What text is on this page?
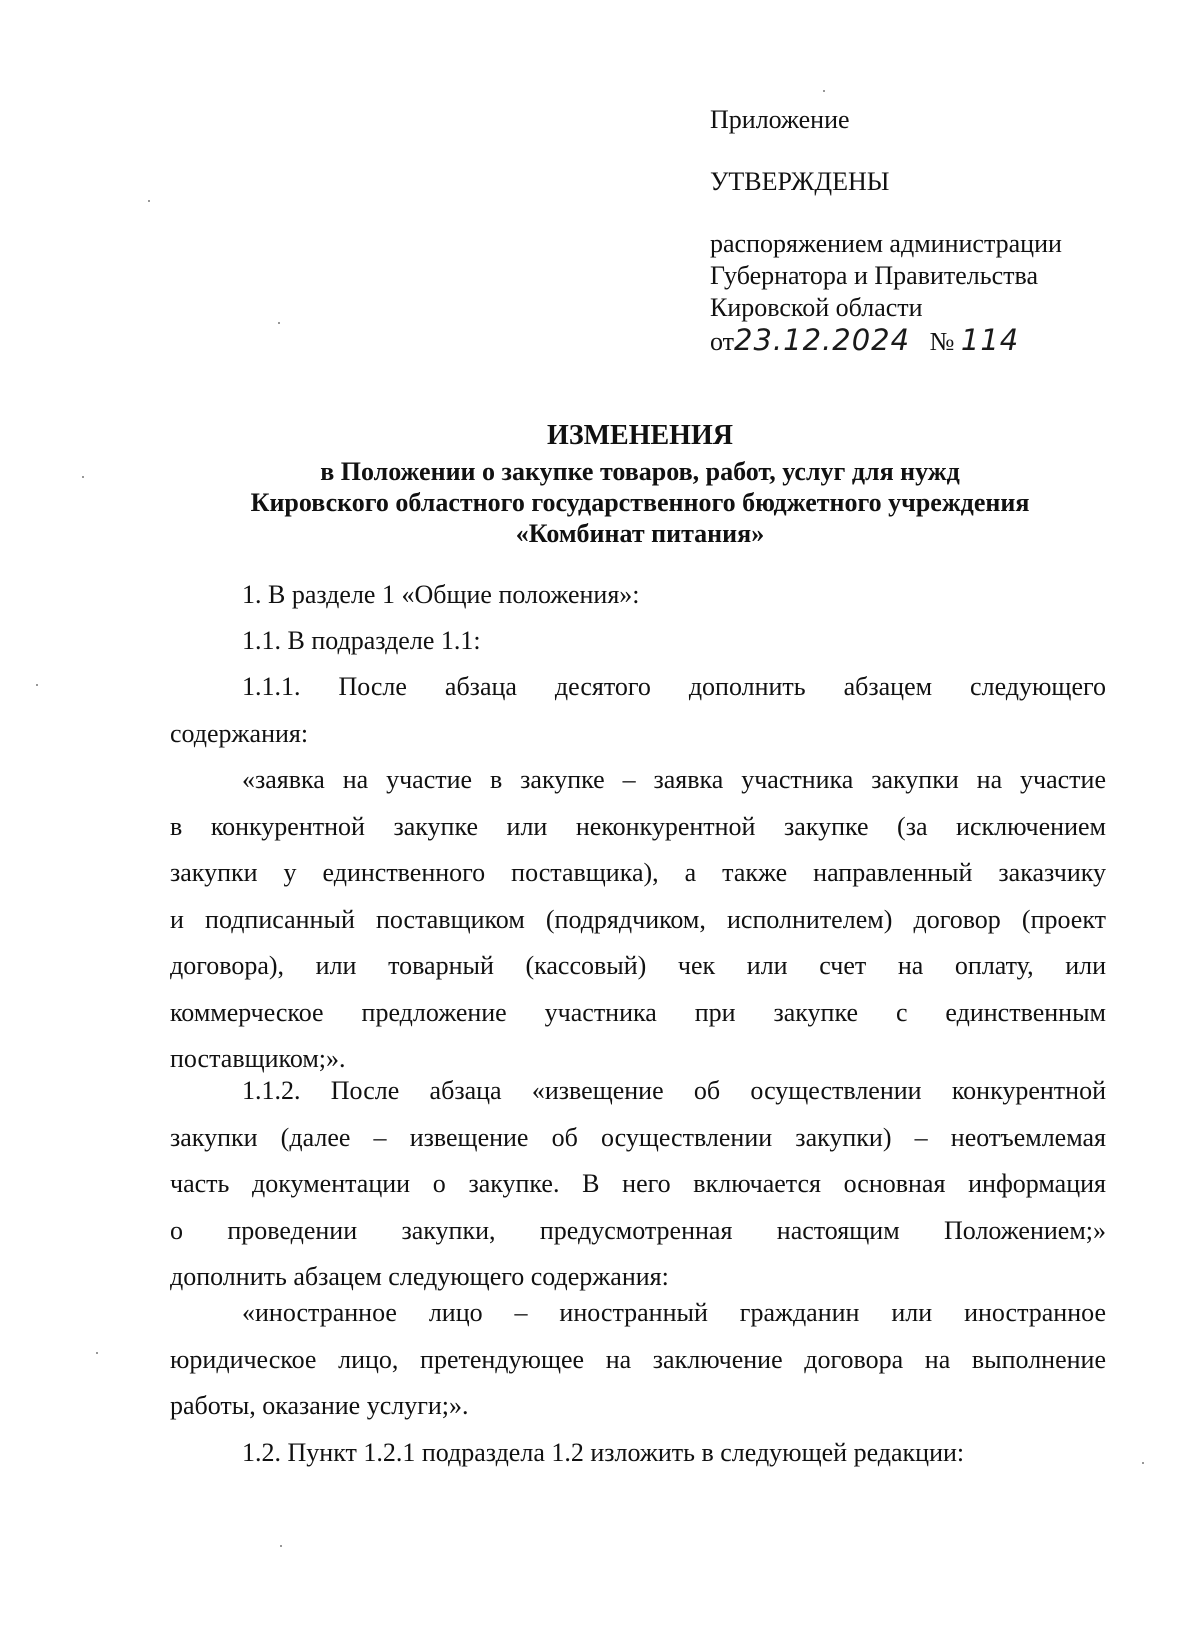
Приложение
УТВЕРЖДЕНЫ
распоряжением администрации
Губернатора и Правительства
Кировской области
от23.12.2024 № 114
ИЗМЕНЕНИЯ
в Положении о закупке товаров, работ, услуг для нужд
Кировского областного государственного бюджетного учреждения
«Комбинат питания»
1. В разделе 1 «Общие положения»:
1.1. В подразделе 1.1:
1.1.1. После абзаца десятого дополнить абзацем следующего
содержания:
«заявка на участие в закупке – заявка участника закупки на участие
в конкурентной закупке или неконкурентной закупке (за исключением
закупки у единственного поставщика), а также направленный заказчику
и подписанный поставщиком (подрядчиком, исполнителем) договор (проект
договора), или товарный (кассовый) чек или счет на оплату, или
коммерческое предложение участника при закупке с единственным
поставщиком;».
1.1.2. После абзаца «извещение об осуществлении конкурентной
закупки (далее – извещение об осуществлении закупки) – неотъемлемая
часть документации о закупке. В него включается основная информация
о проведении закупки, предусмотренная настоящим Положением;»
дополнить абзацем следующего содержания:
«иностранное лицо – иностранный гражданин или иностранное
юридическое лицо, претендующее на заключение договора на выполнение
работы, оказание услуги;».
1.2. Пункт 1.2.1 подраздела 1.2 изложить в следующей редакции:
